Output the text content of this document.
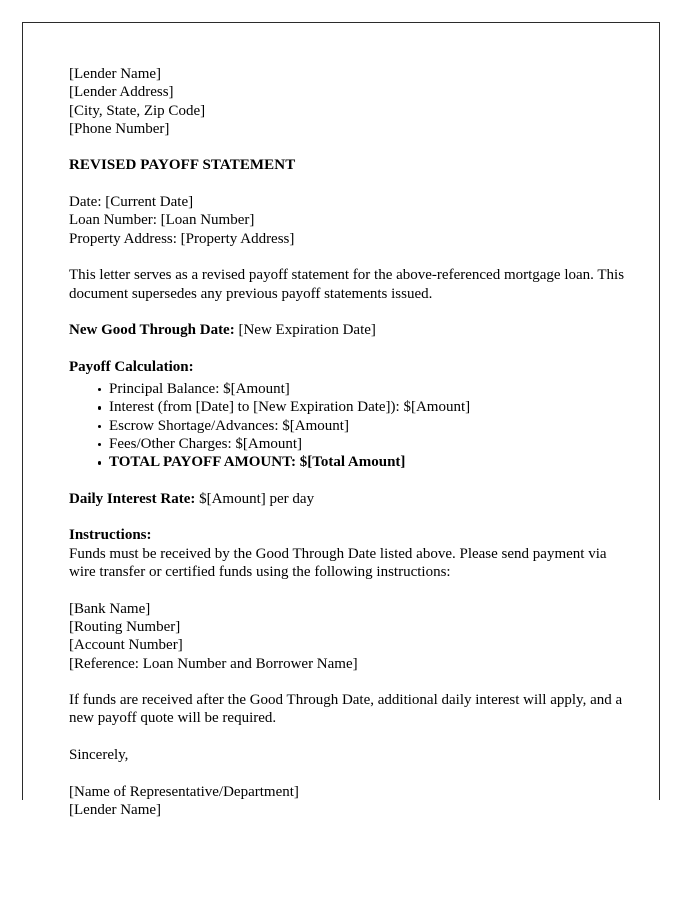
[Lender Name]
[Lender Address]
[City, State, Zip Code]
[Phone Number]
REVISED PAYOFF STATEMENT
Date: [Current Date]
Loan Number: [Loan Number]
Property Address: [Property Address]

This letter serves as a revised payoff statement for the above-referenced mortgage loan. This document supersedes any previous payoff statements issued.

New Good Through Date: [New Expiration Date]

Payoff Calculation:

Principal Balance: $[Amount]
Interest (from [Date] to [New Expiration Date]): $[Amount]
Escrow Shortage/Advances: $[Amount]
Fees/Other Charges: $[Amount]
TOTAL PAYOFF AMOUNT: $[Total Amount]

Daily Interest Rate: $[Amount] per day

Instructions:

Funds must be received by the Good Through Date listed above. Please send payment via wire transfer or certified funds using the following instructions:

[Bank Name]
[Routing Number]
[Account Number]
[Reference: Loan Number and Borrower Name]

If funds are received after the Good Through Date, additional daily interest will apply, and a new payoff quote will be required.

Sincerely,

[Name of Representative/Department]
[Lender Name]
